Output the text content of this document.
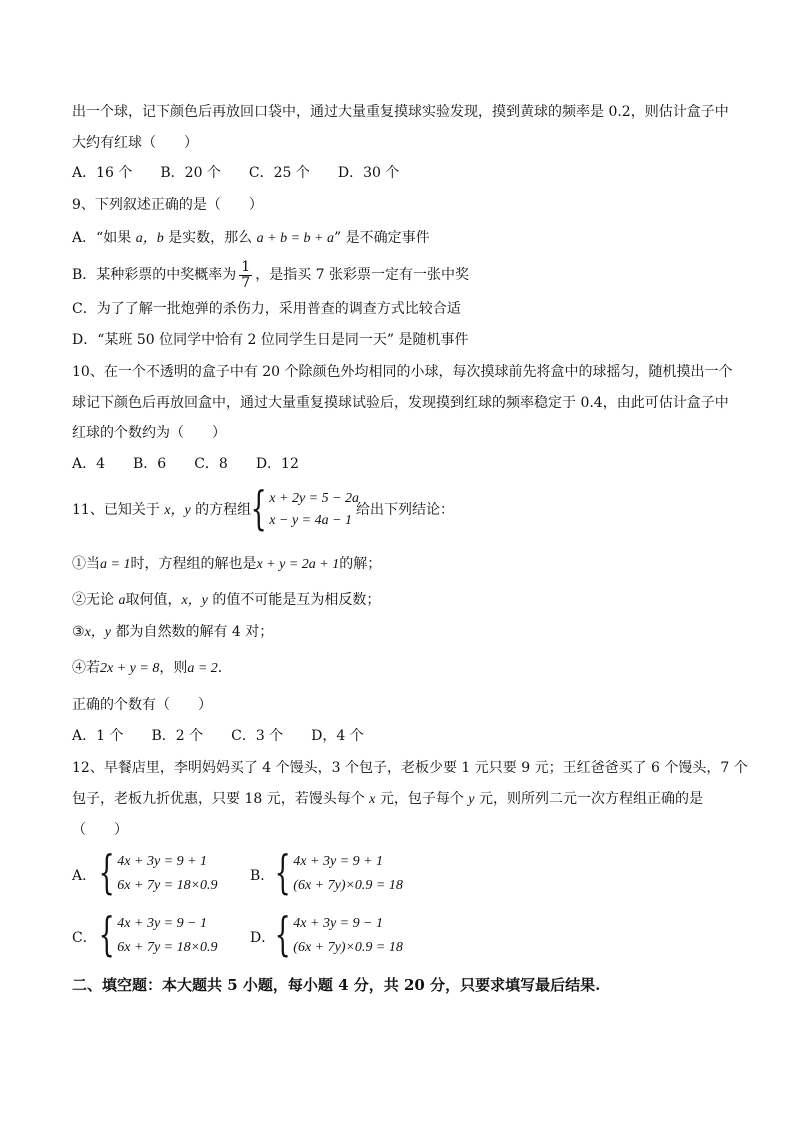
出一个球，记下颜色后再放回口袋中，通过大量重复摸球实验发现，摸到黄球的频率是 0.2，则估计盒子中
大约有红球（　　）
A．16 个　　B．20 个　　C．25 个　　D．30 个
9、下列叙述正确的是（　　）
A．“如果 a，b 是实数，那么 a + b = b + a” 是不确定事件
B．某种彩票的中奖概率为 $\frac{1}{7}$ ，是指买 7 张彩票一定有一张中奖
C．为了了解一批炮弹的杀伤力，采用普查的调查方式比较合适
D．“某班 50 位同学中恰有 2 位同学生日是同一天” 是随机事件
10、在一个不透明的盒子中有 20 个除颜色外均相同的小球，每次摸球前先将盒中的球摇匀，随机摸出一个
球记下颜色后再放回盒中，通过大量重复摸球试验后，发现摸到红球的频率稳定于 0.4，由此可估计盒子中
红球的个数约为（　　）
A．4　　B．6　　C．8　　D．12
11、已知关于 x，y 的方程组 { x + 2y = 5 − 2a
x − y = 4a − 1
给出下列结论：
①当a = 1时，方程组的解也是x + y = 2a + 1的解；
②无论 a取何值，x，y 的值不可能是互为相反数；
③x，y 都为自然数的解有 4 对；
④若2x + y = 8，则a = 2．
正确的个数有（　　）
A．1 个　　B．2 个　　C．3 个　　D，4 个
12、早餐店里，李明妈妈买了 4 个馒头，3 个包子，老板少要 1 元只要 9 元；王红爸爸买了 6 个馒头，7 个
包子，老板九折优惠，只要 18 元，若馒头每个 x 元，包子每个 y 元，则所列二元一次方程组正确的是
（　　）
A． { 4x + 3y = 9 + 1
6x + 7y = 18×0.9
B． { 4x + 3y = 9 + 1
(6x + 7y)×0.9 = 18
C． { 4x + 3y = 9 − 1
6x + 7y = 18×0.9
D． { 4x + 3y = 9 − 1
(6x + 7y)×0.9 = 18
二、填空题：本大题共 5 小题，每小题 4 分，共 20 分，只要求填写最后结果.
